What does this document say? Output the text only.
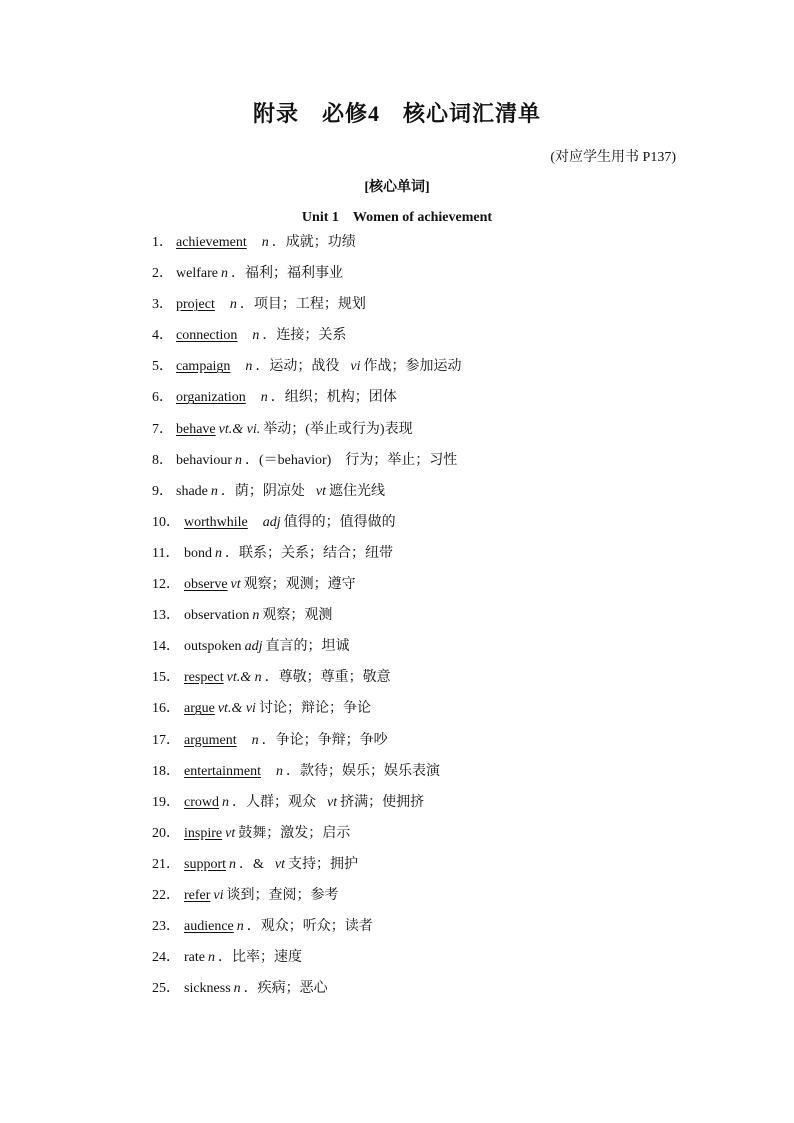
附录　必修4　核心词汇清单
(对应学生用书 P137)
[核心单词]
Unit 1　Women of achievement
1． achievement	n ．成就；功绩
2． welfare n ．福利；福利事业
3． project	n ．项目；工程；规划
4． connection	n ．连接；关系
5． campaign	n ．运动；战役 vi 作战；参加运动
6． organization	n ．组织；机构；团体
7． behave vt.& vi. 举动；(举止或行为)表现
8． behaviour n ．(＝behavior)　行为；举止；习性
9． shade n ．荫；阴凉处 vt 遮住光线
10． worthwhile	adj 值得的；值得做的
11． bond n ．联系；关系；结合；纽带
12． observe vt 观察；观测；遵守
13． observation n 观察；观测
14． outspoken adj 直言的；坦诚
15． respect vt.& n ．尊敬；尊重；敬意
16． argue vt.& vi 讨论；辩论；争论
17． argument	n ．争论；争辩；争吵
18． entertainment	n ．款待；娱乐；娱乐表演
19． crowd n ．人群；观众 vt 挤满；使拥挤
20． inspire vt 鼓舞；激发；启示
21． support n ．& vt 支持；拥护
22． refer vi 谈到；查阅；参考
23． audience n ．观众；听众；读者
24． rate n ．比率；速度
25． sickness n ．疾病；恶心
